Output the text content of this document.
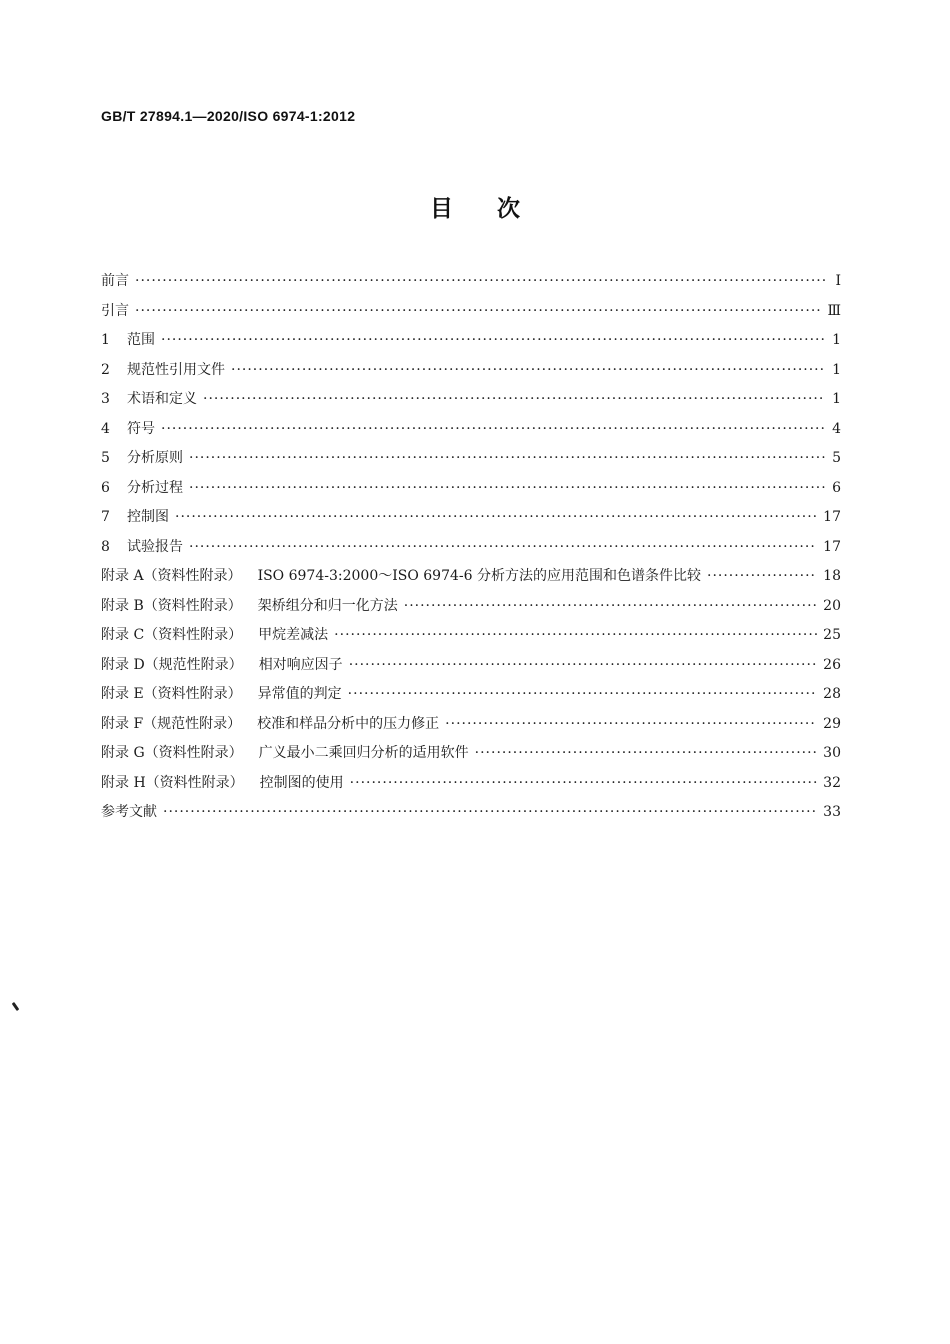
GB/T 27894.1—2020/ISO 6974-1:2012
目次
前言 ·····	Ⅰ
引言 ·····	Ⅲ
1	范围 ·····	1
2	规范性引用文件 ·····	1
3	术语和定义 ·····	1
4	符号 ·····	4
5	分析原则 ·····	5
6	分析过程 ·····	6
7	控制图 ·····	17
8	试验报告 ·····	17
附录 A（资料性附录） ISO 6974-3:2000～ISO 6974-6 分析方法的应用范围和色谱条件比较 ·····	18
附录 B（资料性附录） 架桥组分和归一化方法 ·····	20
附录 C（资料性附录） 甲烷差减法 ·····	25
附录 D（规范性附录） 相对响应因子 ·····	26
附录 E（资料性附录） 异常值的判定 ·····	28
附录 F（规范性附录） 校准和样品分析中的压力修正 ·····	29
附录 G（资料性附录） 广义最小二乘回归分析的适用软件 ·····	30
附录 H（资料性附录） 控制图的使用 ·····	32
参考文献 ·····	33
